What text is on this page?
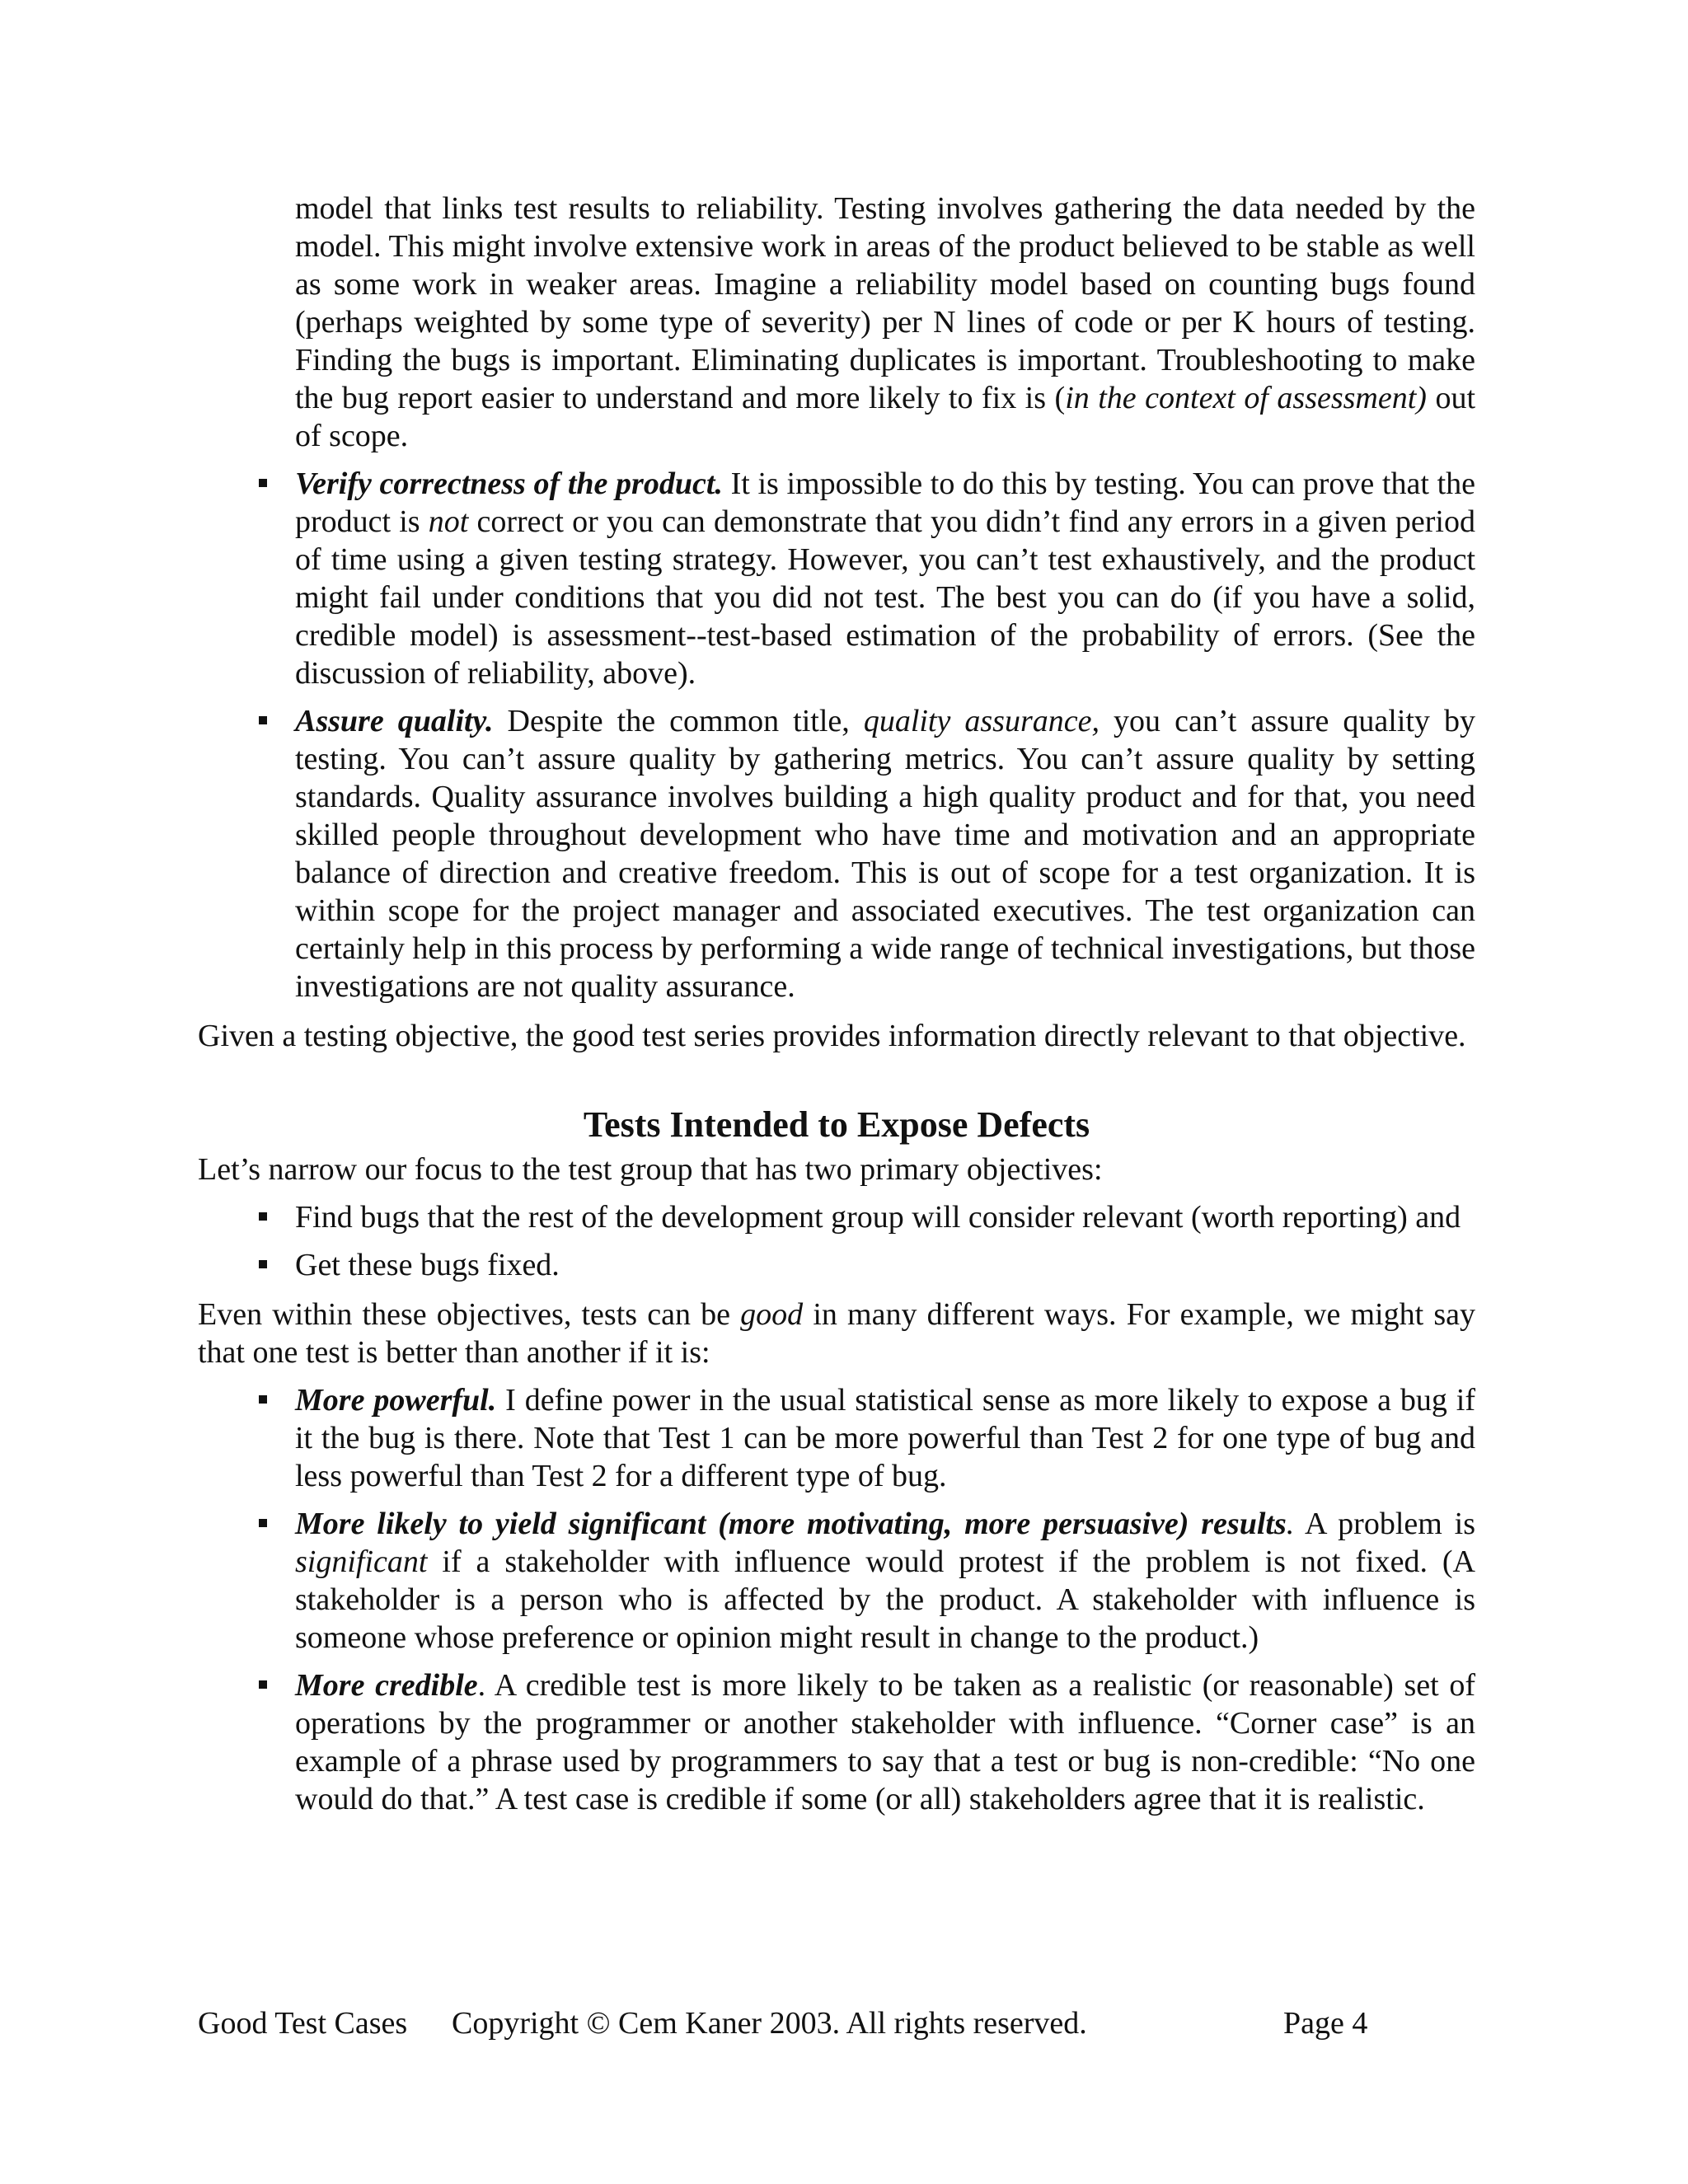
model that links test results to reliability. Testing involves gathering the data needed by the model. This might involve extensive work in areas of the product believed to be stable as well as some work in weaker areas. Imagine a reliability model based on counting bugs found (perhaps weighted by some type of severity) per N lines of code or per K hours of testing. Finding the bugs is important. Eliminating duplicates is important. Troubleshooting to make the bug report easier to understand and more likely to fix is (in the context of assessment) out of scope.

Verify correctness of the product. It is impossible to do this by testing. You can prove that the product is not correct or you can demonstrate that you didn’t find any errors in a given period of time using a given testing strategy. However, you can’t test exhaustively, and the product might fail under conditions that you did not test. The best you can do (if you have a solid, credible model) is assessment--test-based estimation of the probability of errors. (See the discussion of reliability, above).
Assure quality. Despite the common title, quality assurance, you can’t assure quality by testing. You can’t assure quality by gathering metrics. You can’t assure quality by setting standards. Quality assurance involves building a high quality product and for that, you need skilled people throughout development who have time and motivation and an appropriate balance of direction and creative freedom. This is out of scope for a test organization. It is within scope for the project manager and associated executives. The test organization can certainly help in this process by performing a wide range of technical investigations, but those investigations are not quality assurance.

Given a testing objective, the good test series provides information directly relevant to that objective.

Tests Intended to Expose Defects

Let’s narrow our focus to the test group that has two primary objectives:

Find bugs that the rest of the development group will consider relevant (worth reporting) and
Get these bugs fixed.

Even within these objectives, tests can be good in many different ways. For example, we might say that one test is better than another if it is:

More powerful. I define power in the usual statistical sense as more likely to expose a bug if it the bug is there. Note that Test 1 can be more powerful than Test 2 for one type of bug and less powerful than Test 2 for a different type of bug.
More likely to yield significant (more motivating, more persuasive) results. A problem is significant if a stakeholder with influence would protest if the problem is not fixed. (A stakeholder is a person who is affected by the product. A stakeholder with influence is someone whose preference or opinion might result in change to the product.)
More credible. A credible test is more likely to be taken as a realistic (or reasonable) set of operations by the programmer or another stakeholder with influence. “Corner case” is an example of a phrase used by programmers to say that a test or bug is non-credible: “No one would do that.” A test case is credible if some (or all) stakeholders agree that it is realistic.
Good Test Cases Copyright © Cem Kaner 2003. All rights reserved.	Page 4
